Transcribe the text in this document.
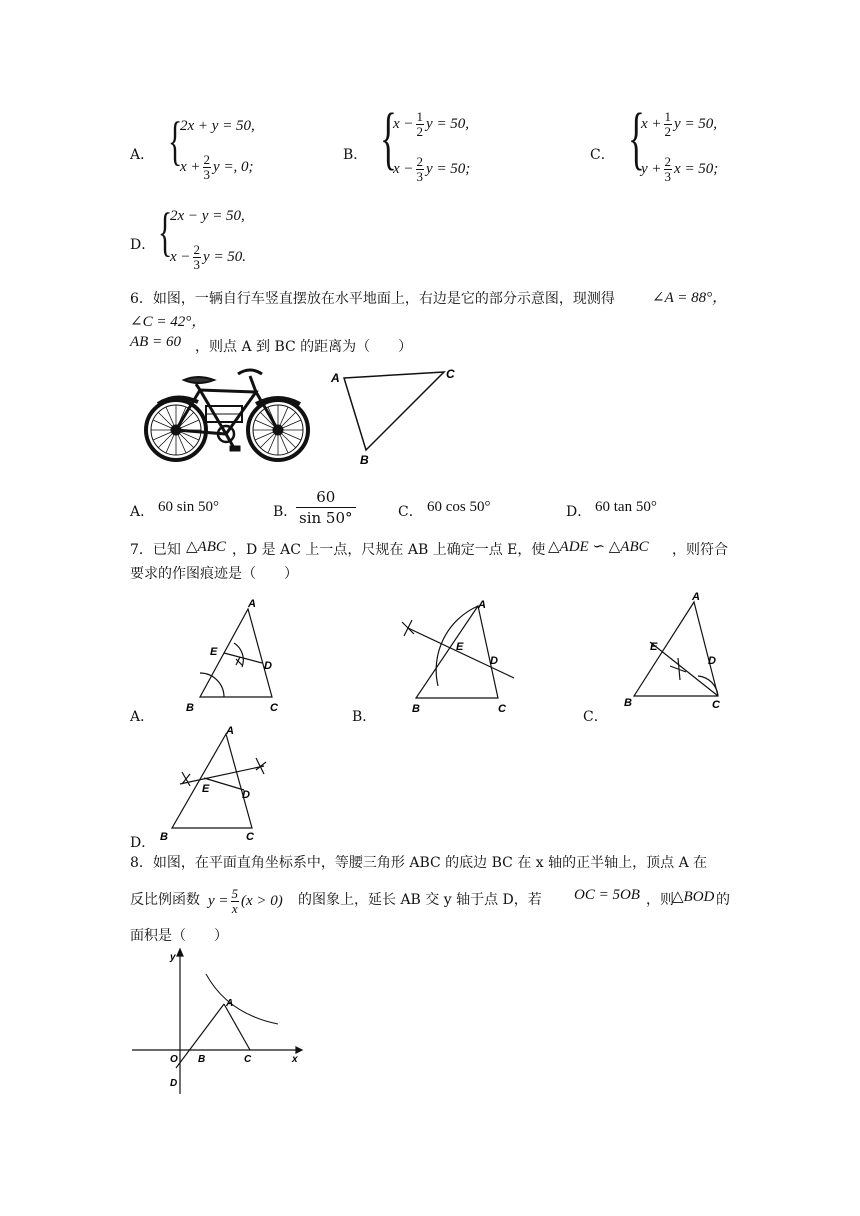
A． {
2x + y = 50,
$x + \frac{2}{3}$ y =, 0;
B． {
$x - \frac{1}{2}$ y = 50,
$x - \frac{2}{3}$ y = 50;
C． {
$x + \frac{1}{2}$ y = 50,
$y + \frac{2}{3}$ x = 50;
D． {
2x − y = 50,
$x - \frac{2}{3}$ y = 50.
6．如图，一辆自行车竖直摆放在水平地面上，右边是它的部分示意图，现测得 ∠A = 88°，
∠C = 42°，
AB = 60 ，则点 A 到 BC 的距离为（　　）
A
B
C
A． 60 sin 50°	B．
$\frac{60}{\sin 50^\circ}$	C． 60 cos 50°	D． 60 tan 50°
7．已知 △ABC ，D 是 AC 上一点，尺规在 AB 上确定一点 E，使 △ADE ∽ △ABC ，则符合
要求的作图痕迹是（　　）
A．
A
B	C
D
E
B．
A
B	C
D
E
C．
A
B	C
D
E
D．
A
B	C
D
E
8．如图，在平面直角坐标系中，等腰三角形 ABC 的底边 BC 在 x 轴的正半轴上，顶点 A 在
反比例函数 $y = \frac{5}{x} (x > 0)$ 的图象上，延长 AB 交 y 轴于点 D，若 OC = 5OB ，则
△BOD 的
面积是（　　）
y
x
O
A
B	C
D
